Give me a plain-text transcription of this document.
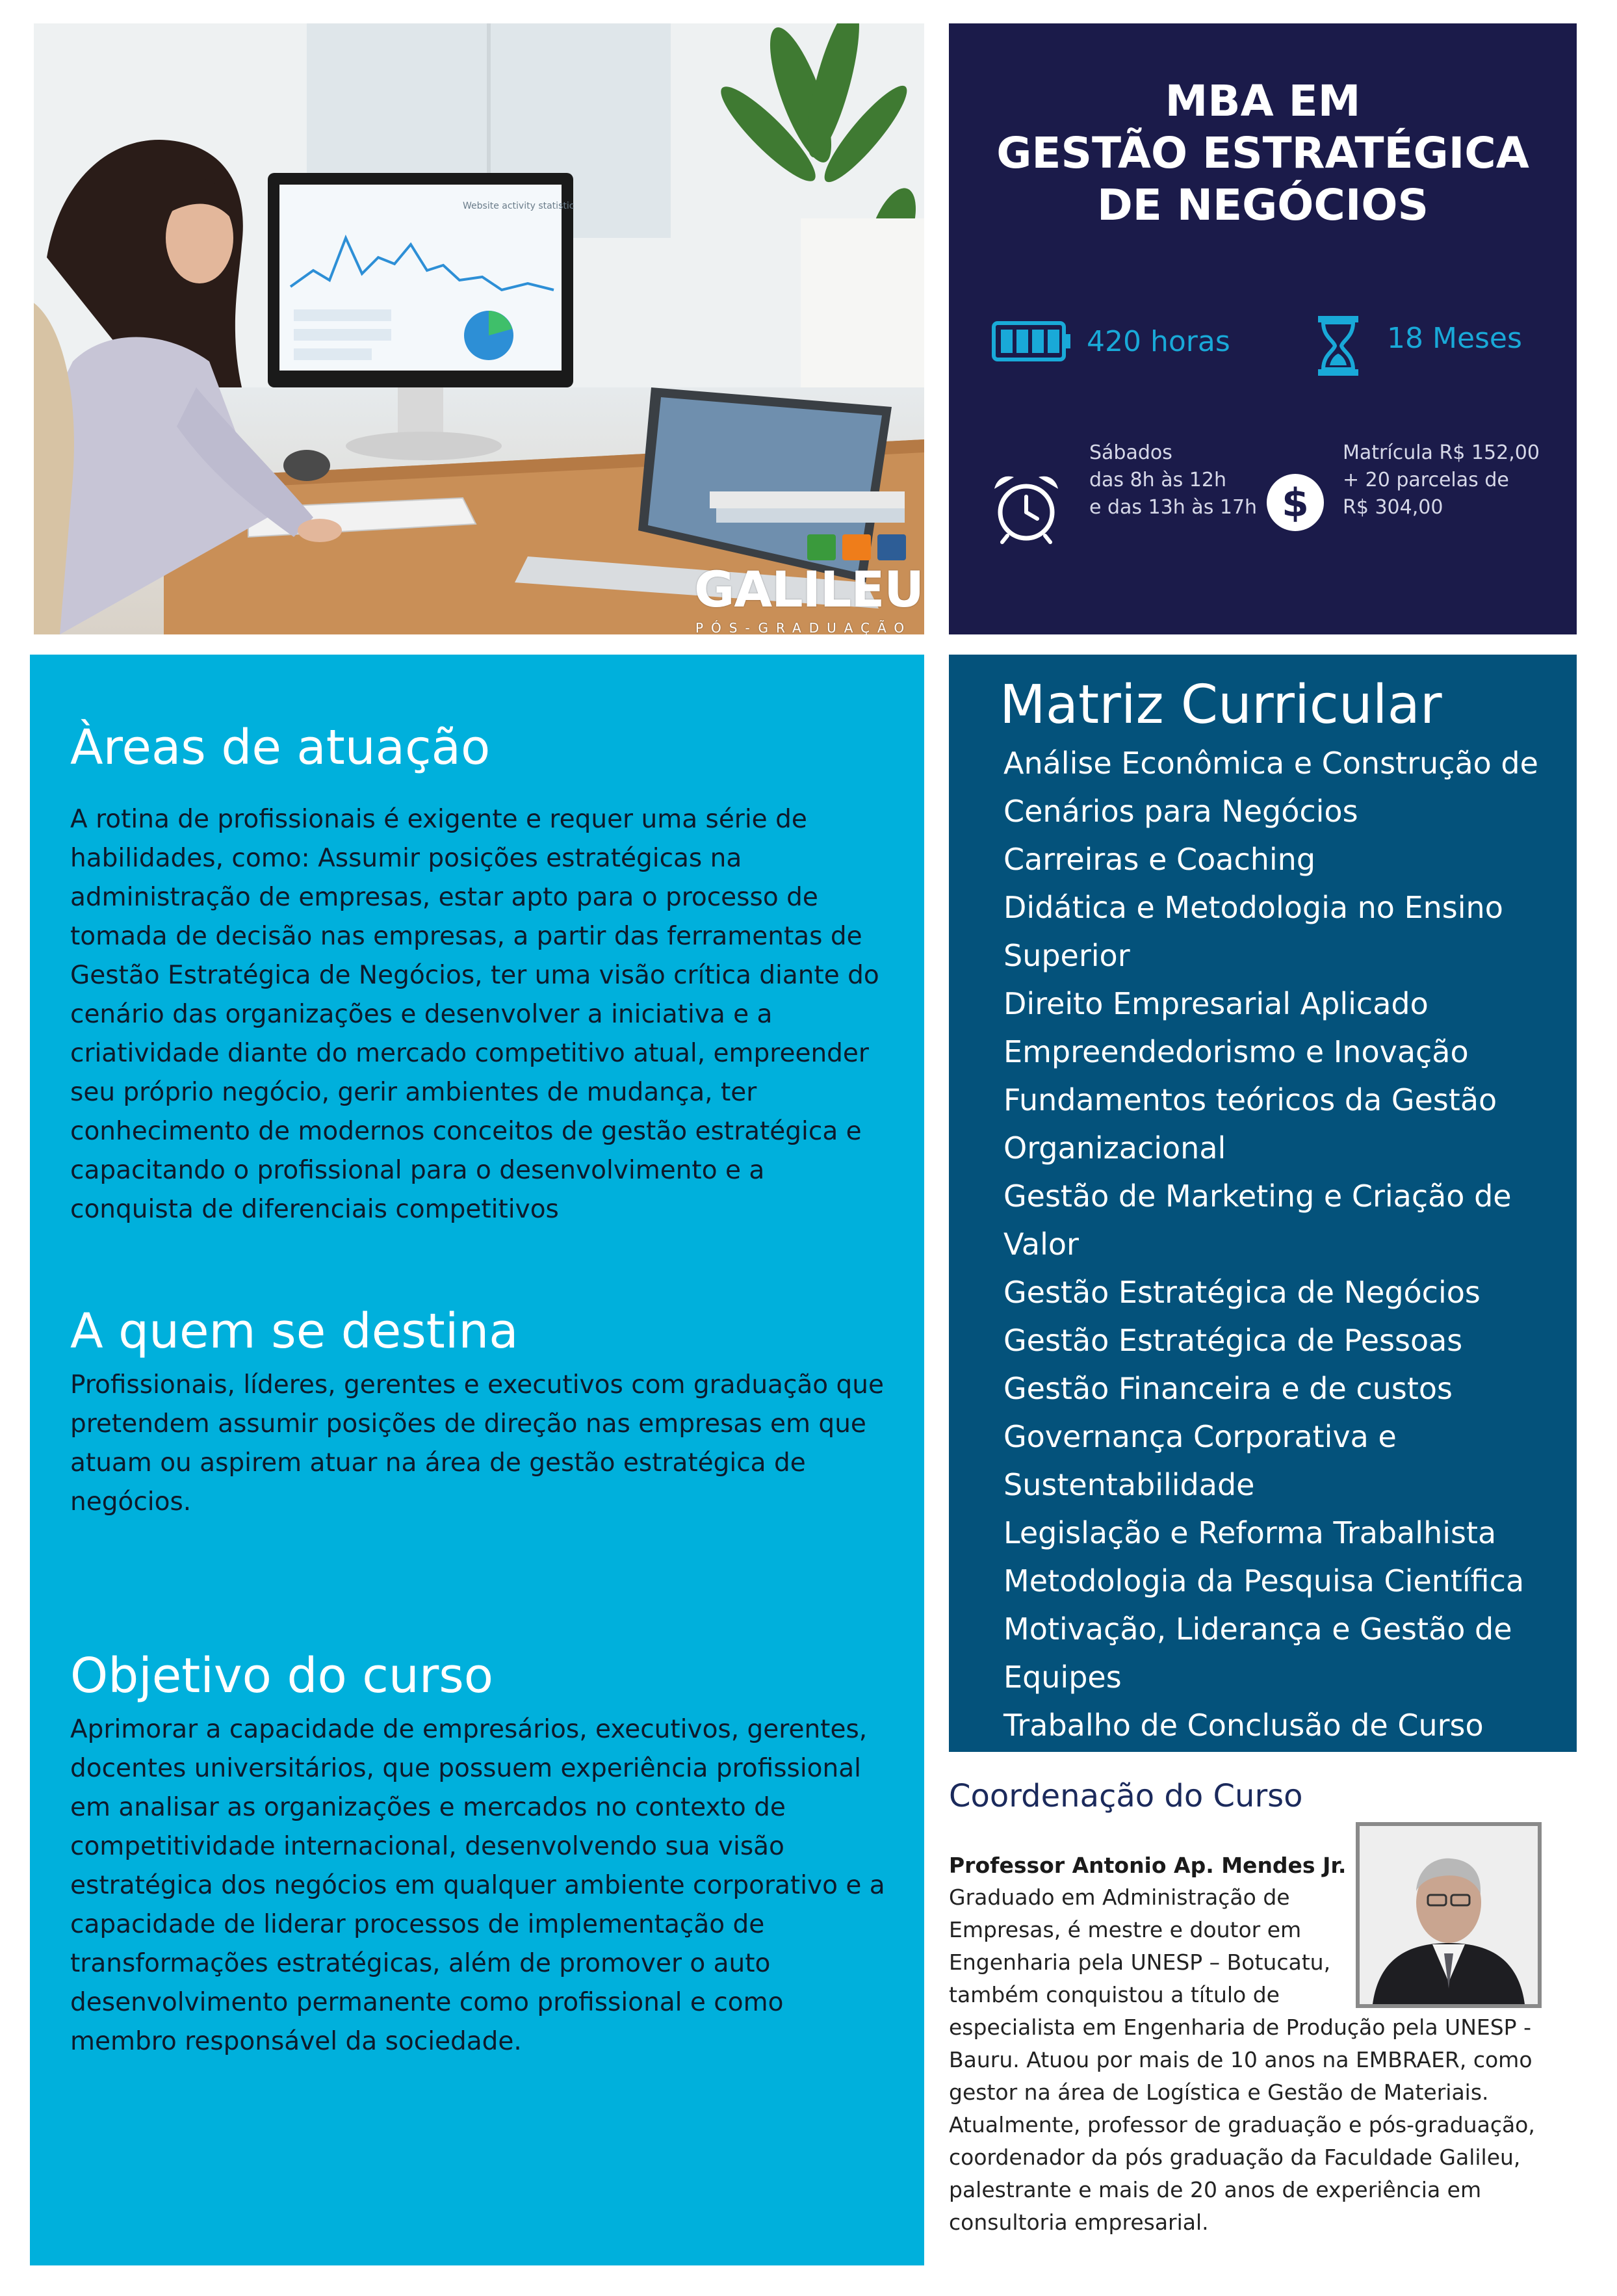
Website activity statistic
GALILEU
PÓS-GRADUAÇÃO
MBA EM
GESTÃO ESTRATÉGICA
DE NEGÓCIOS
420 horas	18 Meses
Sábados
das 8h às 12h
e das 13h às 17h $
Matrícula R$ 152,00
+ 20 parcelas de
R$ 304,00
Àreas de atuação

A rotina de profissionais é exigente e requer uma série de habilidades, como: Assumir posições estratégicas na administração de empresas, estar apto para o processo de tomada de decisão nas empresas, a partir das ferramentas de Gestão Estratégica de Negócios, ter uma visão crítica diante do cenário das organizações e desenvolver a iniciativa e a criatividade diante do mercado competitivo atual, empreender seu próprio negócio, gerir ambientes de mudança, ter conhecimento de modernos conceitos de gestão estratégica e capacitando o profissional para o desenvolvimento e a conquista de diferenciais competitivos

A quem se destina

Profissionais, líderes, gerentes e executivos com graduação que pretendem assumir posições de direção nas empresas em que atuam ou aspirem atuar na área de gestão estratégica de negócios.

Objetivo do curso

Aprimorar a capacidade de empresários, executivos, gerentes, docentes universitários, que possuem experiência profissional em analisar as organizações e mercados no contexto de competitividade internacional, desenvolvendo sua visão estratégica dos negócios em qualquer ambiente corporativo e a capacidade de liderar processos de implementação de transformações estratégicas, além de promover o auto desenvolvimento permanente como profissional e como membro responsável da sociedade.

Matriz Curricular
Análise Econômica e Construção de Cenários para Negócios
Carreiras e Coaching
Didática e Metodologia no Ensino Superior
Direito Empresarial Aplicado
Empreendedorismo e Inovação
Fundamentos teóricos da Gestão Organizacional
Gestão de Marketing e Criação de Valor
Gestão Estratégica de Negócios
Gestão Estratégica de Pessoas
Gestão Financeira e de custos
Governança Corporativa e Sustentabilidade
Legislação e Reforma Trabalhista
Metodologia da Pesquisa Científica
Motivação, Liderança e Gestão de Equipes
Trabalho de Conclusão de Curso
Coordenação do Curso
Professor Antonio Ap. Mendes Jr.
Graduado em Administração de
Empresas, é mestre e doutor em
Engenharia pela UNESP – Botucatu,
também conquistou a título de

especialista em Engenharia de Produção pela UNESP - Bauru. Atuou por mais de 10 anos na EMBRAER, como gestor na área de Logística e Gestão de Materiais. Atualmente, professor de graduação e pós-graduação, coordenador da pós graduação da Faculdade Galileu, palestrante e mais de 20 anos de experiência em consultoria empresarial.
